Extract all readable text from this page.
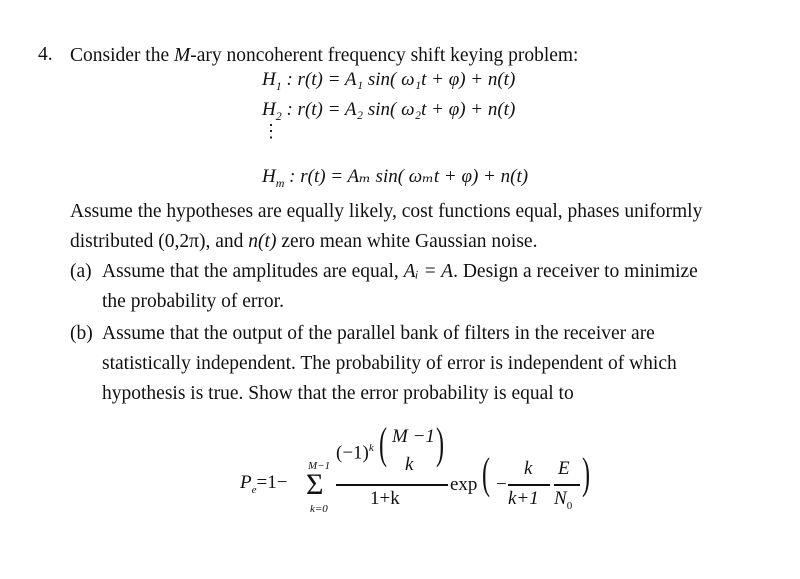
4. Consider the M-ary noncoherent frequency shift keying problem:
$H_1$ : r(t) = A₁ sin( ω₁t + φ) + n(t)
$H_2$ : r(t) = A₂ sin( ω₂t + φ) + n(t)
⋮
$H_m$ : r(t) = Aₘ sin( ωₘt + φ) + n(t)
Assume the hypotheses are equally likely, cost functions equal, phases uniformly
distributed (0,2π), and n(t) zero mean white Gaussian noise.
(a) Assume that the amplitudes are equal, Aᵢ = A. Design a receiver to minimize
the probability of error.
(b) Assume that the output of the parallel bank of filters in the receiver are
statistically independent. The probability of error is independent of which
hypothesis is true. Show that the error probability is equal to
$P_e=1-$
M−1
Σ
k=0
$(-1)^k$ ( M −1
k )
1+k
exp ( −
k
k+1
E
$N_0$
)
